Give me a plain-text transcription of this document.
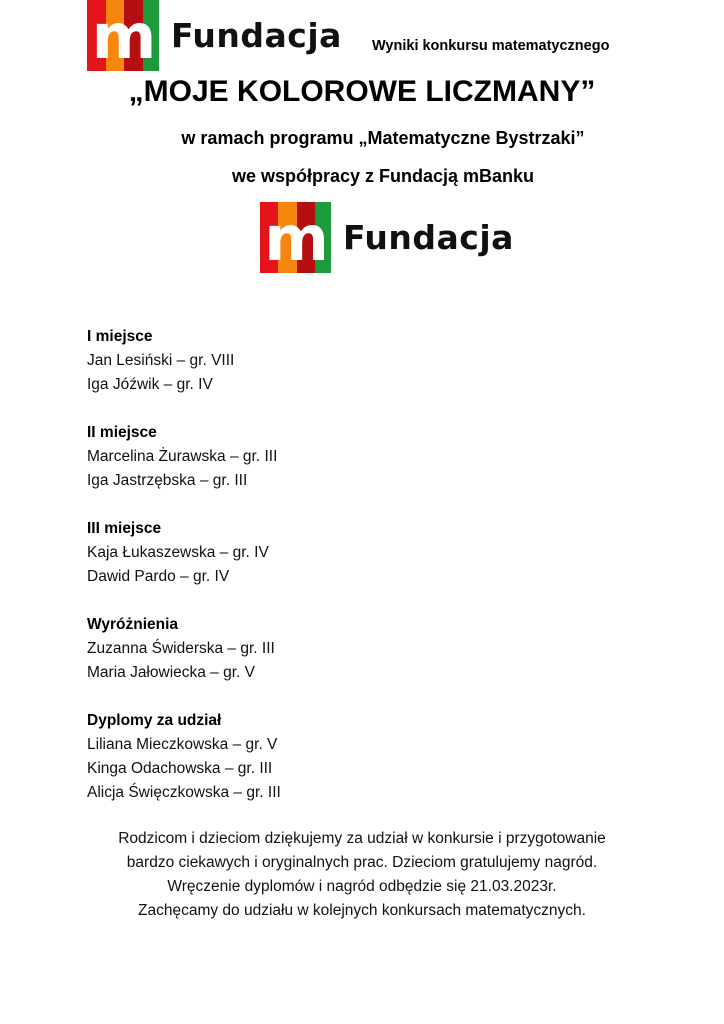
m Fundacja Wyniki konkursu matematycznego
„MOJE KOLOROWE LICZMANY”
w ramach programu „Matematyczne Bystrzaki”
we współpracy z Fundacją mBanku
m Fundacja
I miejsce
Jan Lesiński – gr. VIII
Iga Jóźwik – gr. IV
II miejsce
Marcelina Żurawska – gr. III
Iga Jastrzębska – gr. III
III miejsce
Kaja Łukaszewska – gr. IV
Dawid Pardo – gr. IV
Wyróżnienia
Zuzanna Świderska – gr. III
Maria Jałowiecka – gr. V
Dyplomy za udział
Liliana Mieczkowska – gr. V
Kinga Odachowska – gr. III
Alicja Święczkowska – gr. III
Rodzicom i dzieciom dziękujemy za udział w konkursie i przygotowanie
bardzo ciekawych i oryginalnych prac. Dzieciom gratulujemy nagród.
Wręczenie dyplomów i nagród odbędzie się 21.03.2023r.
Zachęcamy do udziału w kolejnych konkursach matematycznych.
